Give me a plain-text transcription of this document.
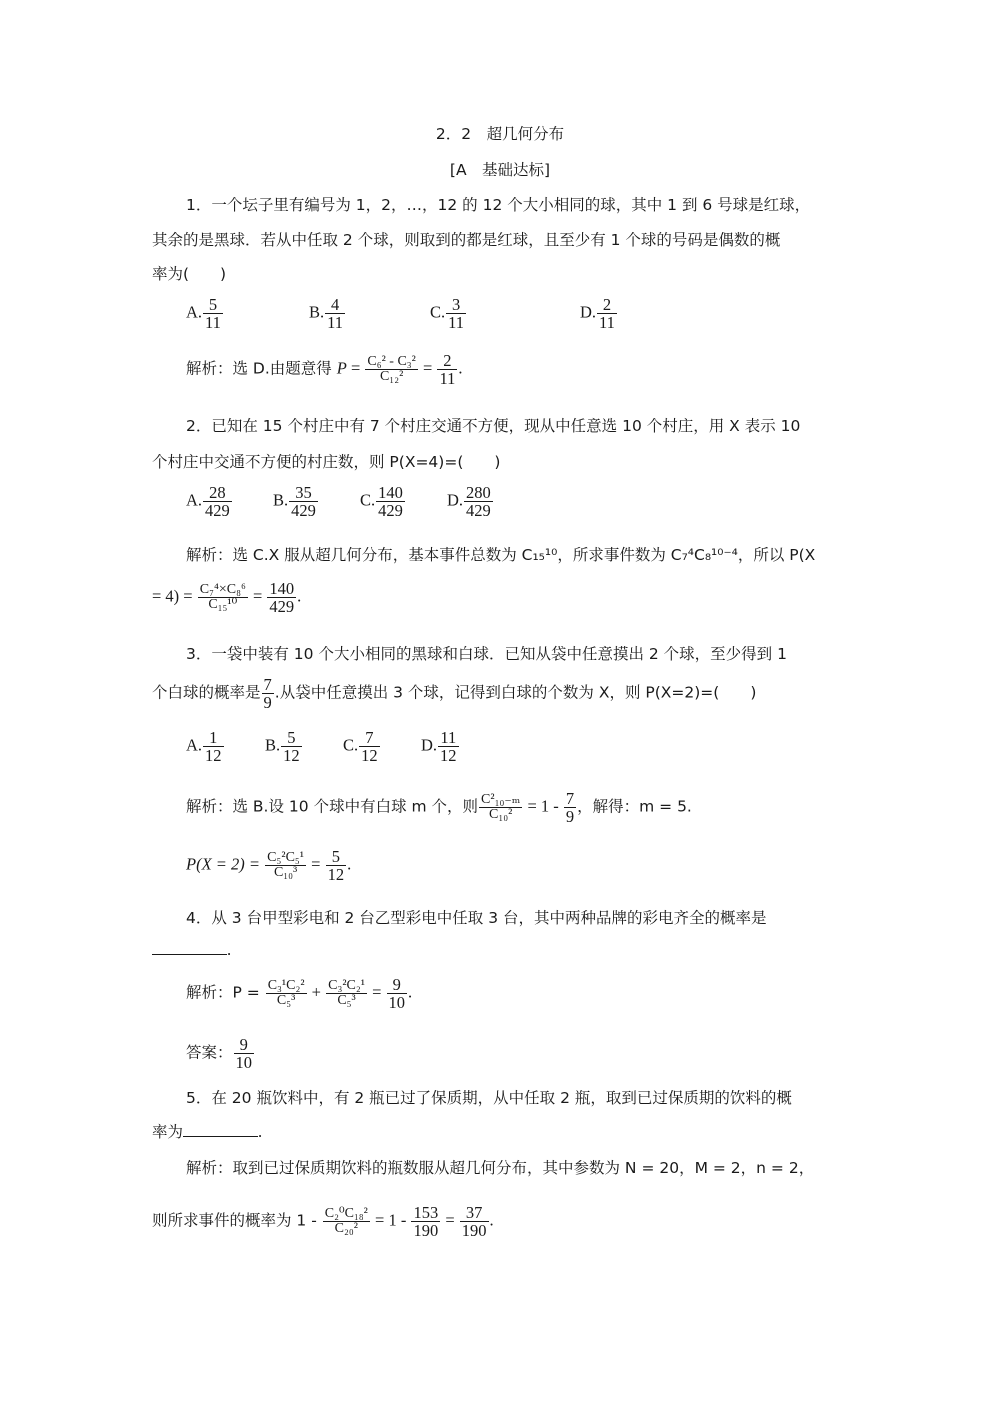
2．2　超几何分布
[A　基础达标]
1．一个坛子里有编号为 1，2，…，12 的 12 个大小相同的球，其中 1 到 6 号球是红球，
其余的是黑球．若从中任取 2 个球，则取到的都是红球，且至少有 1 个球的号码是偶数的概
率为(　　)
A. $\frac{5}{11}$	B. $\frac{4}{11}$	C. $\frac{3}{11}$	D. $\frac{2}{11}$
解析：选 D.由题意得 $P = \frac{\text{C₆² - C₃²}}{\text{C₁₂²}} = \frac{2}{11}$ .
2．已知在 15 个村庄中有 7 个村庄交通不方便，现从中任意选 10 个村庄，用 X 表示 10
个村庄中交通不方便的村庄数，则 P(X=4)=(　　)
A. $\frac{28}{429} B$. $\frac{35}{429}$	C. $\frac{140}{429}$	D. $\frac{280}{429}$
解析：选 C.X 服从超几何分布，基本事件总数为 C₁₅¹⁰，所求事件数为 C₇⁴C₈¹⁰⁻⁴，所以 P(X
= $4) = \frac{\text{C₇⁴×C₈⁶}}{\text{C₁₅¹⁰}} = \frac{140}{429}$ .
3．一袋中装有 10 个大小相同的黑球和白球．已知从袋中任意摸出 2 个球，至少得到 1
个白球的概率是 $\frac{7}{9}$ .从袋中任意摸出 3 个球，记得到白球的个数为 X，则 P(X=2)=(　　)
A. $\frac{1}{12}$	B. $\frac{5}{12}$	C. $\frac{7}{12}$	D. $\frac{11}{12}$
解析：选 B.设 10 个球中有白球 m 个，则 $\frac{\text{C²₁₀₋ₘ}}{\text{C₁₀²}} = 1 - \frac{7}{9}$ ，解得：m = 5.
$P(X = 2) = \frac{\text{C₅²C₅¹}}{\text{C₁₀³}} = \frac{5}{12}$ .
4．从 3 台甲型彩电和 2 台乙型彩电中任取 3 台，其中两种品牌的彩电齐全的概率是
.
解析：$P = \frac{\text{C₃¹C₂²}}{\text{C₅³}} + \frac{\text{C₃²C₂¹}}{\text{C₅³}} = \frac{9}{10}$ .
答案： $\frac{9}{10}$
5．在 20 瓶饮料中，有 2 瓶已过了保质期，从中任取 2 瓶，取到已过保质期的饮料的概
率为	.
解析：取到已过保质期饮料的瓶数服从超几何分布，其中参数为 N = 20，M = 2，n = 2，
则所求事件的概率为 $1 - \frac{\text{C₂⁰C₁₈²}}{\text{C₂₀²}} = 1 - \frac{153}{190} = \frac{37}{190}$ .
